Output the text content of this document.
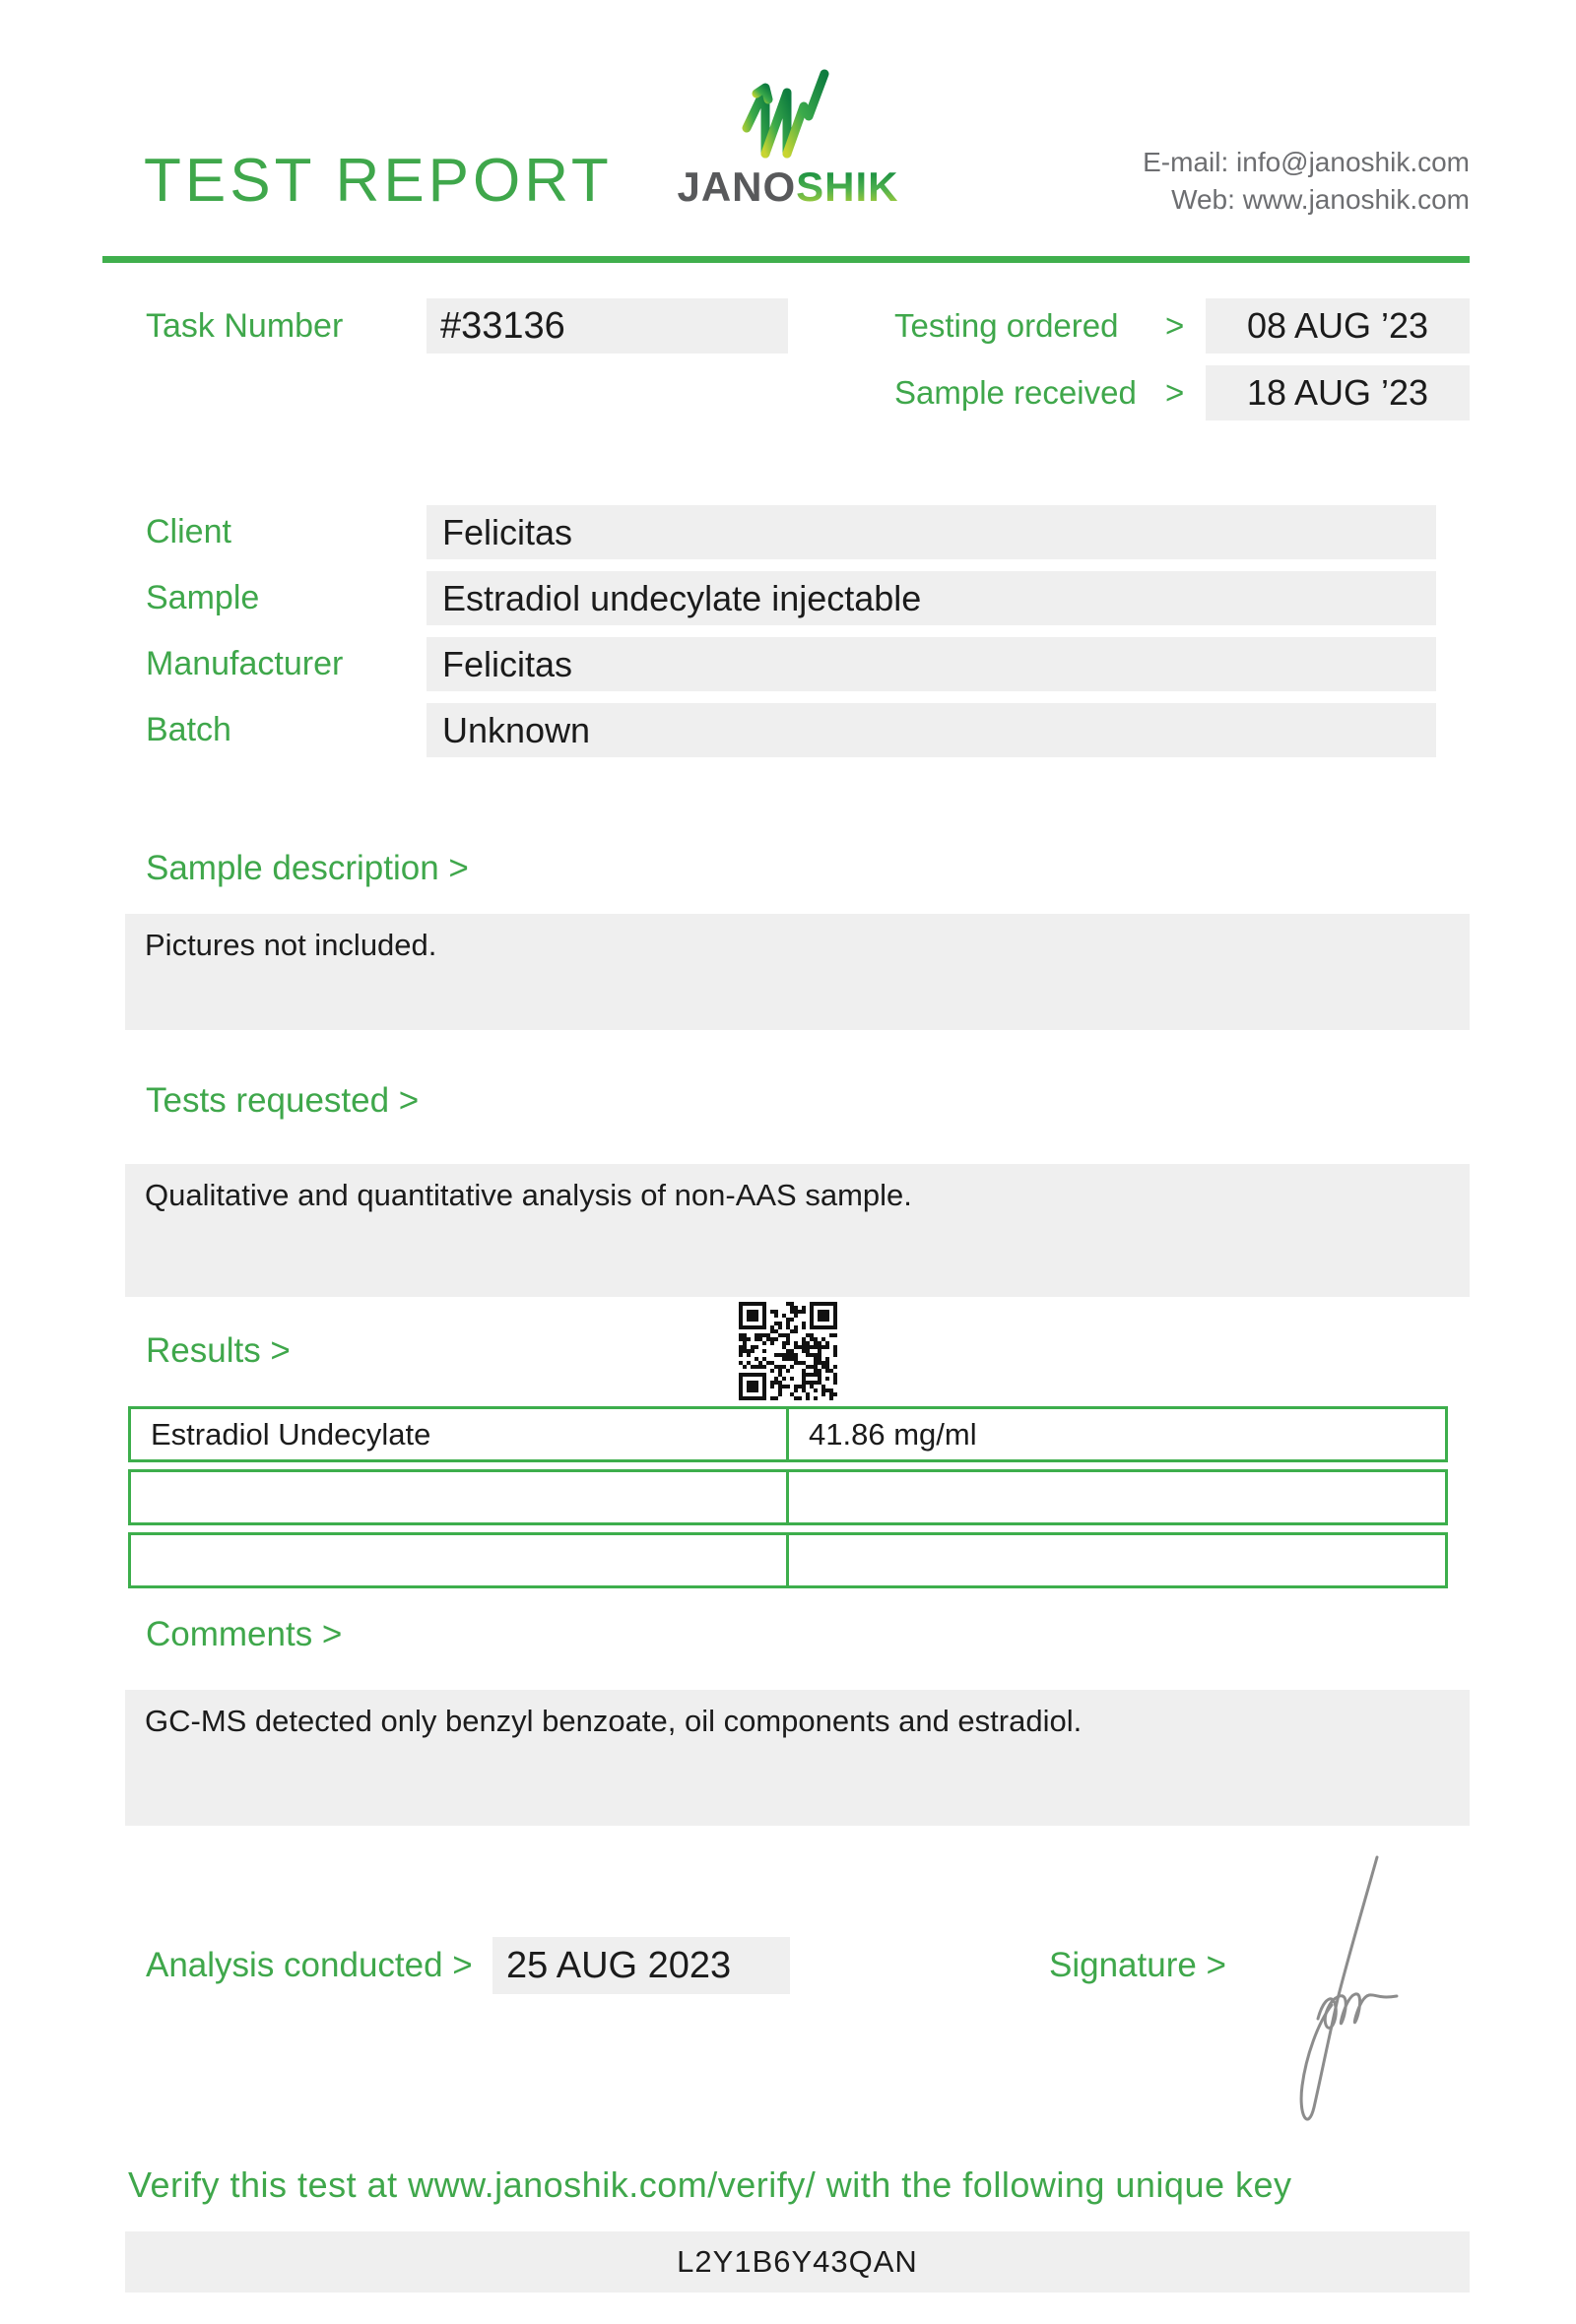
TEST REPORT	JANOSHIK
E-mail: info@janoshik.com
Web: www.janoshik.com
Task Number	#33136	Testing ordered > 08 AUG ’23
Sample received > 18 AUG ’23
Client	Felicitas
Sample	Estradiol undecylate injectable
Manufacturer	Felicitas
Batch	Unknown
Sample description >
Pictures not included.
Tests requested >
Qualitative and quantitative analysis of non-AAS sample.
Results >
Estradiol Undecylate	41.86 mg/ml
Comments >
GC-MS detected only benzyl benzoate, oil components and estradiol.
Analysis conducted > 25 AUG 2023	Signature >
Verify this test at www.janoshik.com/verify/ with the following unique key
L2Y1B6Y43QAN
